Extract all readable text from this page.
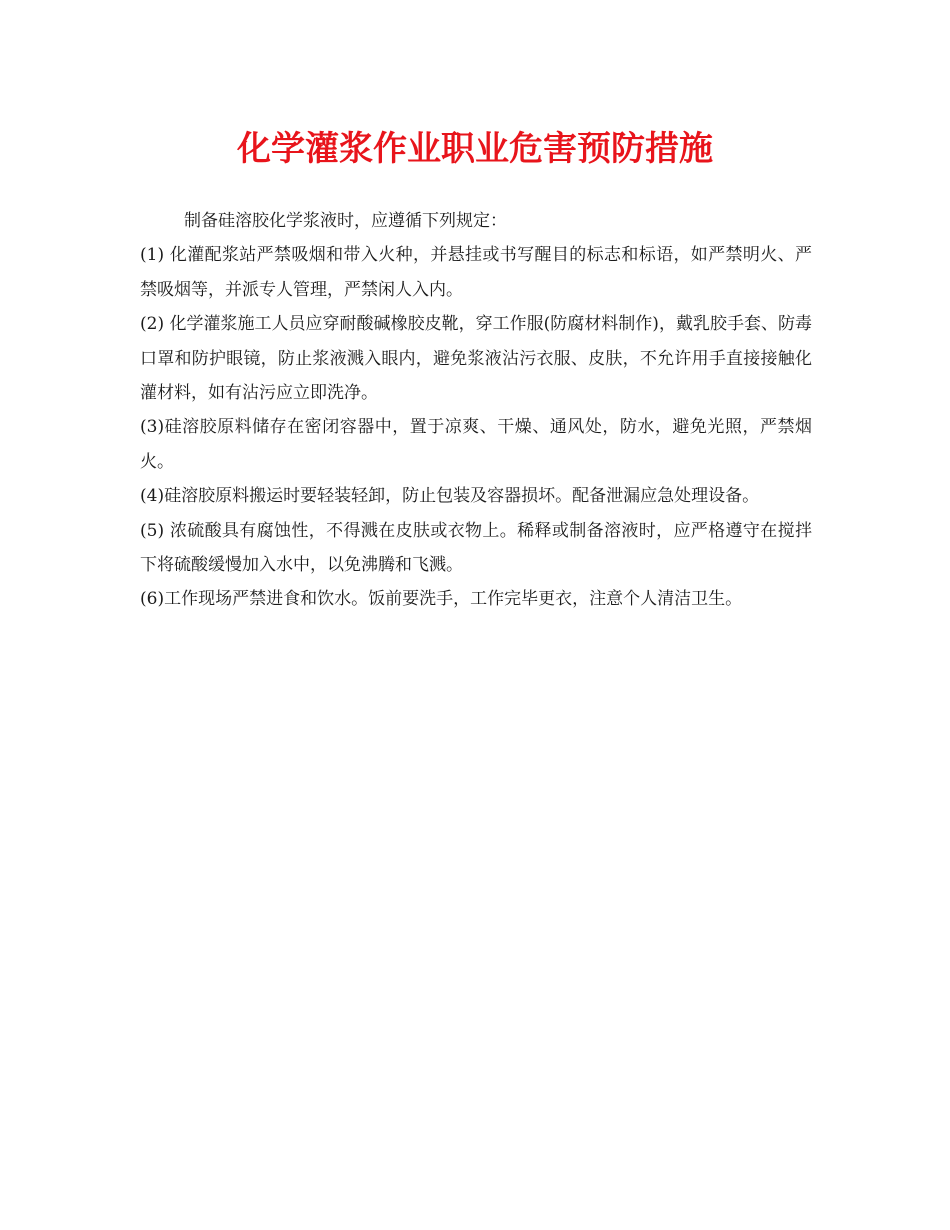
化学灌浆作业职业危害预防措施

制备硅溶胶化学浆液时，应遵循下列规定：

(1) 化灌配浆站严禁吸烟和带入火种，并悬挂或书写醒目的标志和标语，如严禁明火、严禁吸烟等，并派专人管理，严禁闲人入内。

(2) 化学灌浆施工人员应穿耐酸碱橡胶皮靴，穿工作服(防腐材料制作)，戴乳胶手套、防毒口罩和防护眼镜，防止浆液溅入眼内，避免浆液沾污衣服、皮肤，不允许用手直接接触化灌材料，如有沾污应立即洗净。

(3)硅溶胶原料储存在密闭容器中，置于凉爽、干燥、通风处，防水，避免光照，严禁烟火。

(4)硅溶胶原料搬运时要轻装轻卸，防止包装及容器损坏。配备泄漏应急处理设备。

(5) 浓硫酸具有腐蚀性，不得溅在皮肤或衣物上。稀释或制备溶液时，应严格遵守在搅拌下将硫酸缓慢加入水中，以免沸腾和飞溅。

(6)工作现场严禁进食和饮水。饭前要洗手，工作完毕更衣，注意个人清洁卫生。
